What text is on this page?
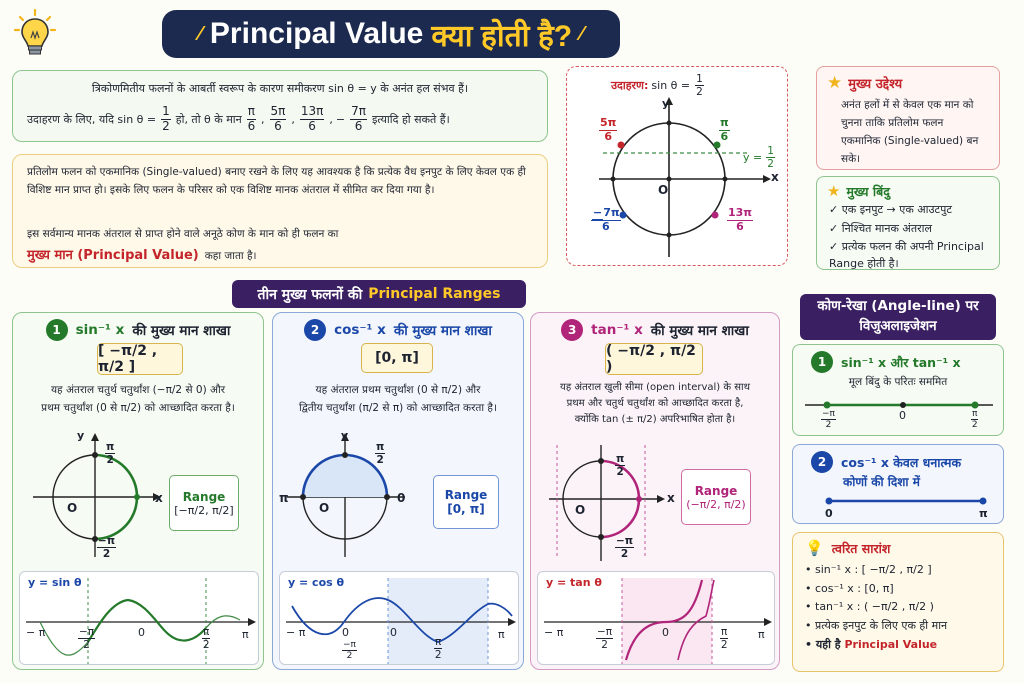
⁄ Principal Value क्या होती है? ⁄
त्रिकोणमितीय फलनों के आबर्ती स्वरूप के कारण समीकरण sin θ = y के अनंत हल संभव हैं।
उदाहरण के लिए, यदि $\sin \theta = \frac{1}{2}$ हो, तो θ के मान $\frac{\pi}{6}$ , $\frac{5\pi}{6}$ , $\frac{13\pi}{6}$ , − $\frac{7\pi}{6}$ इत्यादि हो सकते हैं।
प्रतिलोम फलन को एकमानिक (Single-valued) बनाए रखने के लिए यह आवश्यक है कि प्रत्येक वैध इनपुट के लिए केवल एक ही विशिष्ट मान प्राप्त हो। इसके लिए फलन के परिसर को एक विशिष्ट मानक अंतराल में सीमित कर दिया गया है।
इस सर्वमान्य मानक अंतराल से प्राप्त होने वाले अनूठे कोण के मान को ही फलन का
मुख्य मान (Principal Value) कहा जाता है।
उदाहरण: $\sin \theta = \frac{1}{2}$
O
x
y
$\frac{\pi}{6}$
$\frac{5\pi}{6}$
$\frac{-7\pi}{6}$	$\frac{13\pi}{6}$
$y = \frac{1}{2}$
★ मुख्य उद्देश्य
अनंत हलों में से केवल एक मान को चुनना ताकि प्रतिलोम फलन एकमानिक (Single-valued) बन सके।
★ मुख्य बिंदु
✓ एक इनपुट → एक आउटपुट
✓ निश्चित मानक अंतराल
✓ प्रत्येक फलन की अपनी Principal Range होती है।
तीन मुख्य फलनों की Principal Ranges
1	sin⁻¹ x की मुख्य मान शाखा
[ −π/2 , π/2 ]
यह अंतराल चतुर्थ चतुर्थांश (−π/2 से 0) और
प्रथम चतुर्थांश (0 से π/2) को आच्छादित करता है।
O
x
y
$\frac{\pi}{2}$
$\frac{-\pi}{2}$
Range
[−π/2, π/2]
y = sin θ
− π	$\frac{-\pi}{2}$	0	$\frac{\pi}{2}$	π
2	cos⁻¹ x की मुख्य मान शाखा
[0, π]
यह अंतराल प्रथम चतुर्थांश (0 से π/2) और
द्वितीय चतुर्थांश (π/2 से π) को आच्छादित करता है।
O
π	0
y
$\frac{\pi}{2}$
Range
[0, π]
y = cos θ
− π	0
$\frac{-\pi}{2}$
0
$\frac{\pi}{2}$
π
3	tan⁻¹ x की मुख्य मान शाखा
( −π/2 , π/2 )
यह अंतराल खुली सीमा (open interval) के साथ
प्रथम और चतुर्थ चतुर्थांश को आच्छादित करता है,
क्योंकि tan (± π/2) अपरिभाषित होता है।
O
x
$\frac{\pi}{2}$
$\frac{-\pi}{2}$
Range
(−π/2, π/2)
y = tan θ
− π	$\frac{-\pi}{2}$	0	$\frac{\pi}{2}$	π
कोण-रेखा (Angle-line) पर
विजुअलाइजेशन
1	sin⁻¹ x और tan⁻¹ x
मूल बिंदु के परितः सममित
0
$\frac{-\pi}{2}$	$\frac{\pi}{2}$
2	cos⁻¹ x केवल धनात्मक
कोणों की दिशा में
0	π
💡 त्वरित सारांश
• sin⁻¹ x : [ −π/2 , π/2 ]
• cos⁻¹ x : [0, π]
• tan⁻¹ x : ( −π/2 , π/2 )
• प्रत्येक इनपुट के लिए एक ही मान
• यही है Principal Value
